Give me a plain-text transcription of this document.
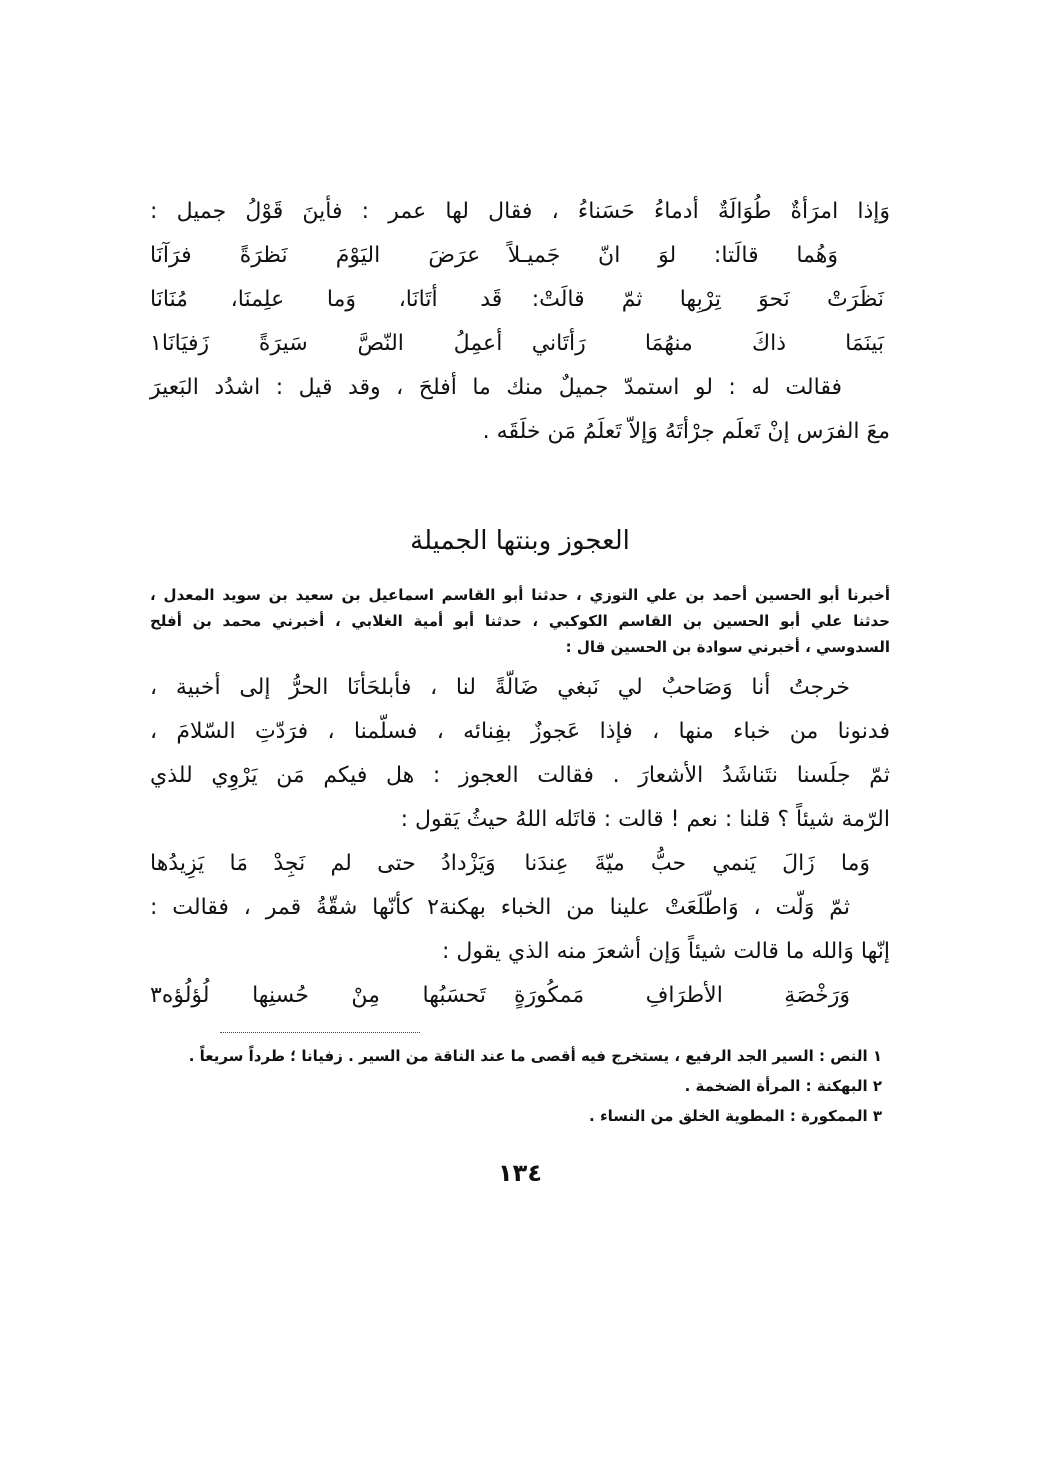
وَإذا امرَأةٌ طُوَالَةٌ أدماءُ حَسَناءُ ، فقال لها عمر : فأينَ قَوْلُ جميل :
وَهُما قالَتا: لوَ انّ جَميـلاً
عرَضَ اليَوْمَ نَظرَةً فرَآنَا
نَظَرَتْ نَحوَ تِرْبِها ثمّ قالَتْ:
قَد أتَانَا، وَما علِمنَا، مُنَانَا
بَينَمَا ذاكَ منهُمَا رَأتَاني
أعمِلُ النّصَّ سَيرَةً زَفيَانَا١
فقالت له : لو استمدّ جميلٌ منك ما أفلحَ ، وقد قيل : اشدُد البَعيرَ
معَ الفرَس إنْ تَعلَم جرْأتَهُ وَإلاّ تَعلَمُ مَن خلَقَه .
العجوز وبنتها الجميلة
أخبرنا أبو الحسين أحمد بن علي التوزي ، حدثنا أبو القاسم اسماعيل بن سعيد بن سويد المعدل ،
حدثنا علي أبو الحسين بن القاسم الكوكبي ، حدثنا أبو أمية الغلابي ، أخبرني محمد بن أفلح
السدوسي ، أخبرني سوادة بن الحسين قال :
خرجتُ أنا وَصَاحبٌ لي نَبغي ضَالّةً لنا ، فأبلحَأنَا الحرُّ إلى أخبية ،
فدنونا من خباء منها ، فإذا عَجوزٌ بفِنائه ، فسلّمنا ، فرَدّتِ السّلامَ ،
ثمّ جلَسنا نتَناشَدُ الأشعارَ . فقالت العجوز : هل فيكم مَن يَرْوِي للذي
الرّمة شيئاً ؟ قلنا : نعم ! قالت : قاتَله اللهُ حيثُ يَقول :
وَما زَالَ يَنمي حبُّ ميّةَ عِندَنا
وَيَزْدادُ حتى لم نَجِدْ مَا يَزِيدُها
ثمّ وَلّت ، وَاطّلَعَتْ علينا من الخباء بهكنة٢ كأنّها شقّةُ قمر ، فقالت :
إنّها وَالله ما قالت شيئاً وَإن أشعرَ منه الذي يقول :
وَرَخْصَةِ الأطرَافِ مَمكُورَةٍ
تَحسَبُها مِنْ حُسنِها لُؤلُؤه٣
١ النص : السير الجد الرفيع ، يستخرج فيه أقصى ما عند الناقة من السير . زفيانا ؛ طرداً سريعاً .
٢ البهكنة : المرأة الضخمة .
٣ الممكورة : المطوية الخلق من النساء .
١٣٤
